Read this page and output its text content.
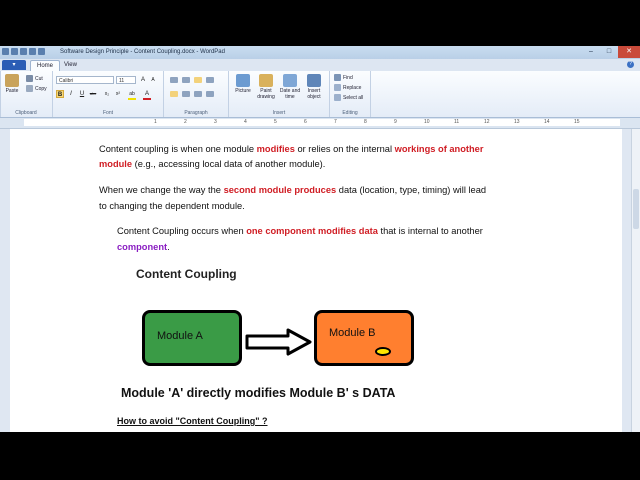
Software Design Principle - Content Coupling.docx - WordPad	–	□	✕
▾	Home	View	?
Paste
Cut
Copy
Clipboard
Calibri	11	A	A
B	I	U	abc	x₂	x²	ab	A
Font	Paragraph
Picture	Paint drawing
Date and time
Insert object
Insert
Find
Replace
Select all
Editing
1	2	3	4	5	6	7	8	9	10	11	12	13	14	15
Content coupling is when one module modifies or relies on the internal workings of another
module (e.g., accessing local data of another module).
When we change the way the second module produces data (location, type, timing) will lead
to changing the dependent module.
Content Coupling occurs when one component modifies data that is internal to another
component.
Content Coupling
Module A	Module B
Module 'A' directly modifies Module B' s DATA
How to avoid "Content Coupling" ?
